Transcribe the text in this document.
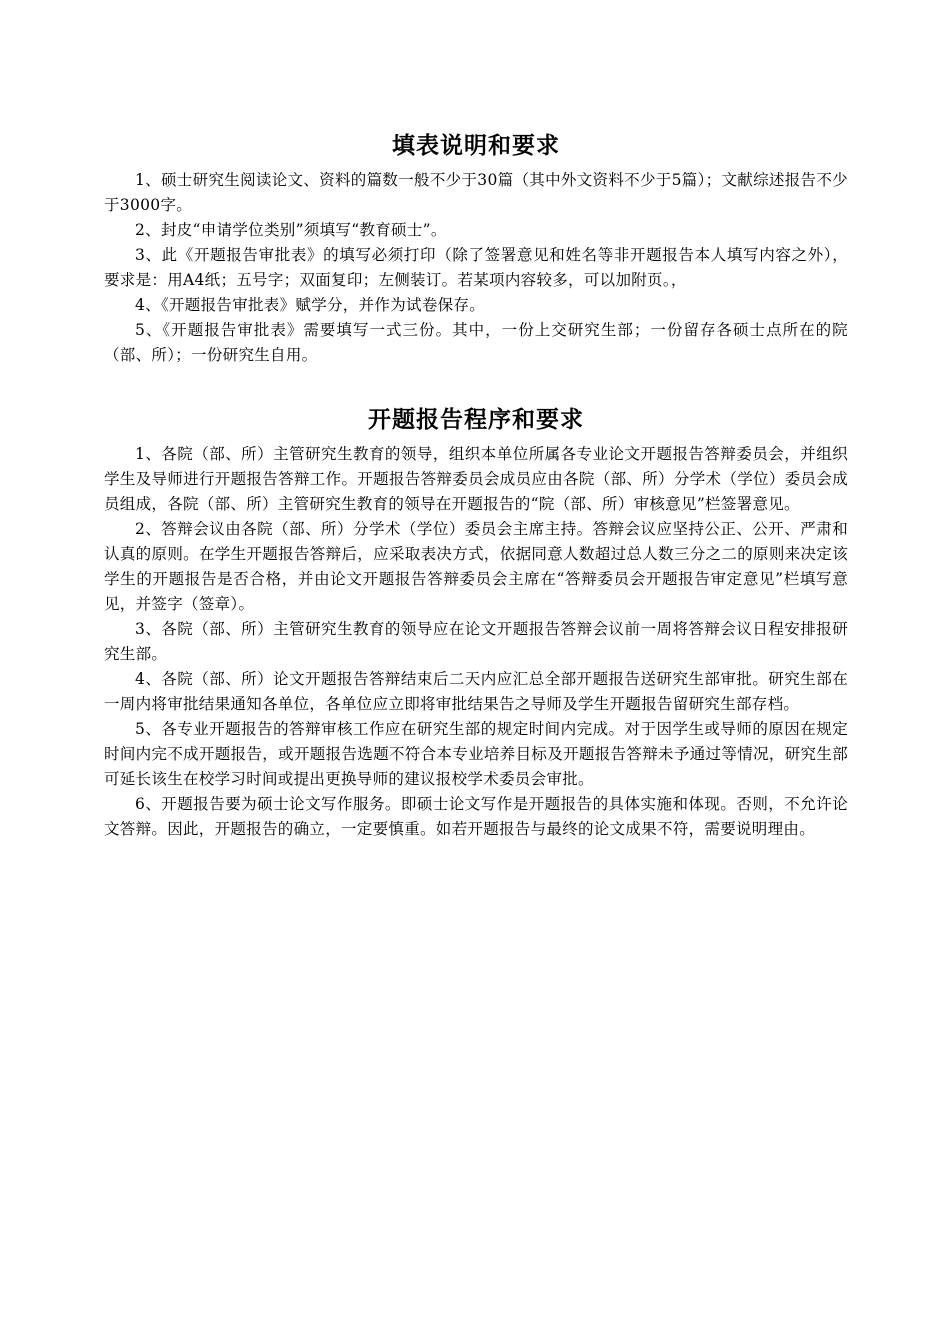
填表说明和要求

1、硕士研究生阅读论文、资料的篇数一般不少于30篇（其中外文资料不少于5篇）；文献综述报告不少于3000字。

2、封皮“申请学位类别”须填写“教育硕士”。

3、此《开题报告审批表》的填写必须打印（除了签署意见和姓名等非开题报告本人填写内容之外），要求是：用A4纸；五号字；双面复印；左侧装订。若某项内容较多，可以加附页。，

4、《开题报告审批表》赋学分，并作为试卷保存。

5、《开题报告审批表》需要填写一式三份。其中，一份上交研究生部；一份留存各硕士点所在的院（部、所）；一份研究生自用。

开题报告程序和要求

1、各院（部、所）主管研究生教育的领导，组织本单位所属各专业论文开题报告答辩委员会，并组织学生及导师进行开题报告答辩工作。开题报告答辩委员会成员应由各院（部、所）分学术（学位）委员会成员组成，各院（部、所）主管研究生教育的领导在开题报告的“院（部、所）审核意见”栏签署意见。

2、答辩会议由各院（部、所）分学术（学位）委员会主席主持。答辩会议应坚持公正、公开、严肃和认真的原则。在学生开题报告答辩后，应采取表决方式，依据同意人数超过总人数三分之二的原则来决定该学生的开题报告是否合格，并由论文开题报告答辩委员会主席在“答辩委员会开题报告审定意见”栏填写意见，并签字（签章）。

3、各院（部、所）主管研究生教育的领导应在论文开题报告答辩会议前一周将答辩会议日程安排报研究生部。

4、各院（部、所）论文开题报告答辩结束后二天内应汇总全部开题报告送研究生部审批。研究生部在一周内将审批结果通知各单位，各单位应立即将审批结果告之导师及学生开题报告留研究生部存档。

5、各专业开题报告的答辩审核工作应在研究生部的规定时间内完成。对于因学生或导师的原因在规定时间内完不成开题报告，或开题报告选题不符合本专业培养目标及开题报告答辩未予通过等情况，研究生部可延长该生在校学习时间或提出更换导师的建议报校学术委员会审批。

6、开题报告要为硕士论文写作服务。即硕士论文写作是开题报告的具体实施和体现。否则，不允许论文答辩。因此，开题报告的确立，一定要慎重。如若开题报告与最终的论文成果不符，需要说明理由。
